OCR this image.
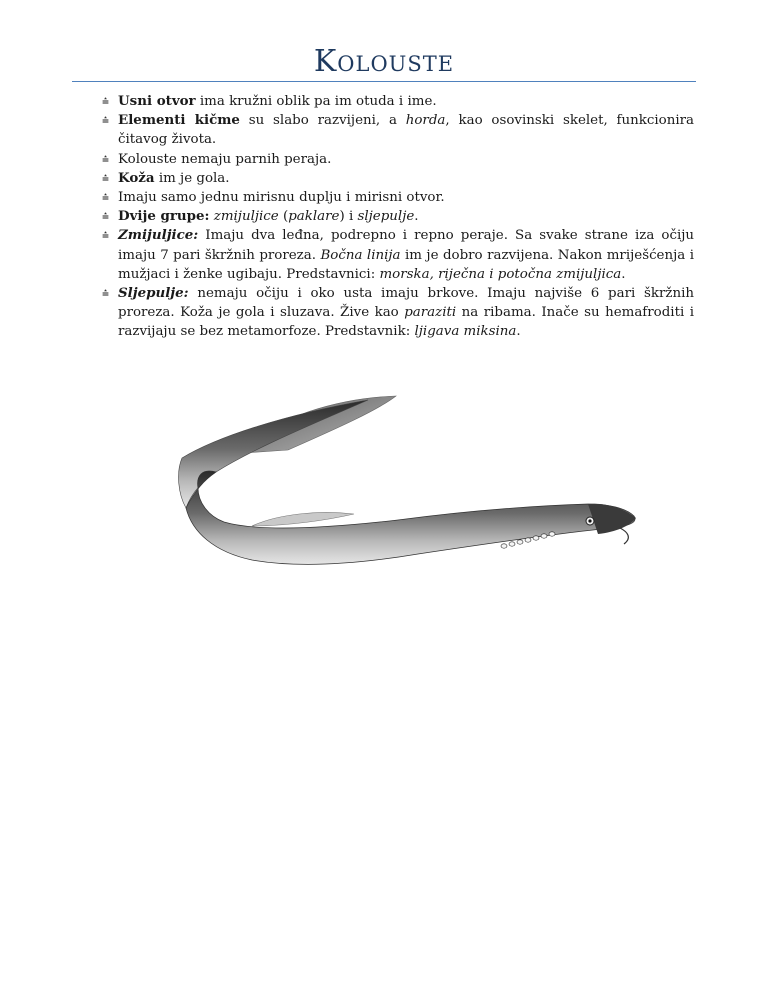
Kolouste
⩮ Usni otvor ima kružni oblik pa im otuda i ime.
⩮ Elementi kičme su slabo razvijeni, a horda, kao osovinski skelet, funkcionira čitavog života.
⩮ Kolouste nemaju parnih peraja.
⩮ Koža im je gola.
⩮ Imaju samo jednu mirisnu duplju i mirisni otvor.
⩮ Dvije grupe: zmijuljice (paklare) i sljepulje.
⩮ Zmijuljice: Imaju dva leđna, podrepno i repno peraje. Sa svake strane iza očiju imaju 7 pari škržnih proreza. Bočna linija im je dobro razvijena. Nakon mriješćenja i mužjaci i ženke ugibaju. Predstavnici: morska, riječna i potočna zmijuljica.
⩮ Sljepulje: nemaju očiju i oko usta imaju brkove. Imaju najviše 6 pari škržnih proreza. Koža je gola i sluzava. Žive kao paraziti na ribama. Inače su hemafroditi i razvijaju se bez metamorfoze. Predstavnik: ljigava miksina.
